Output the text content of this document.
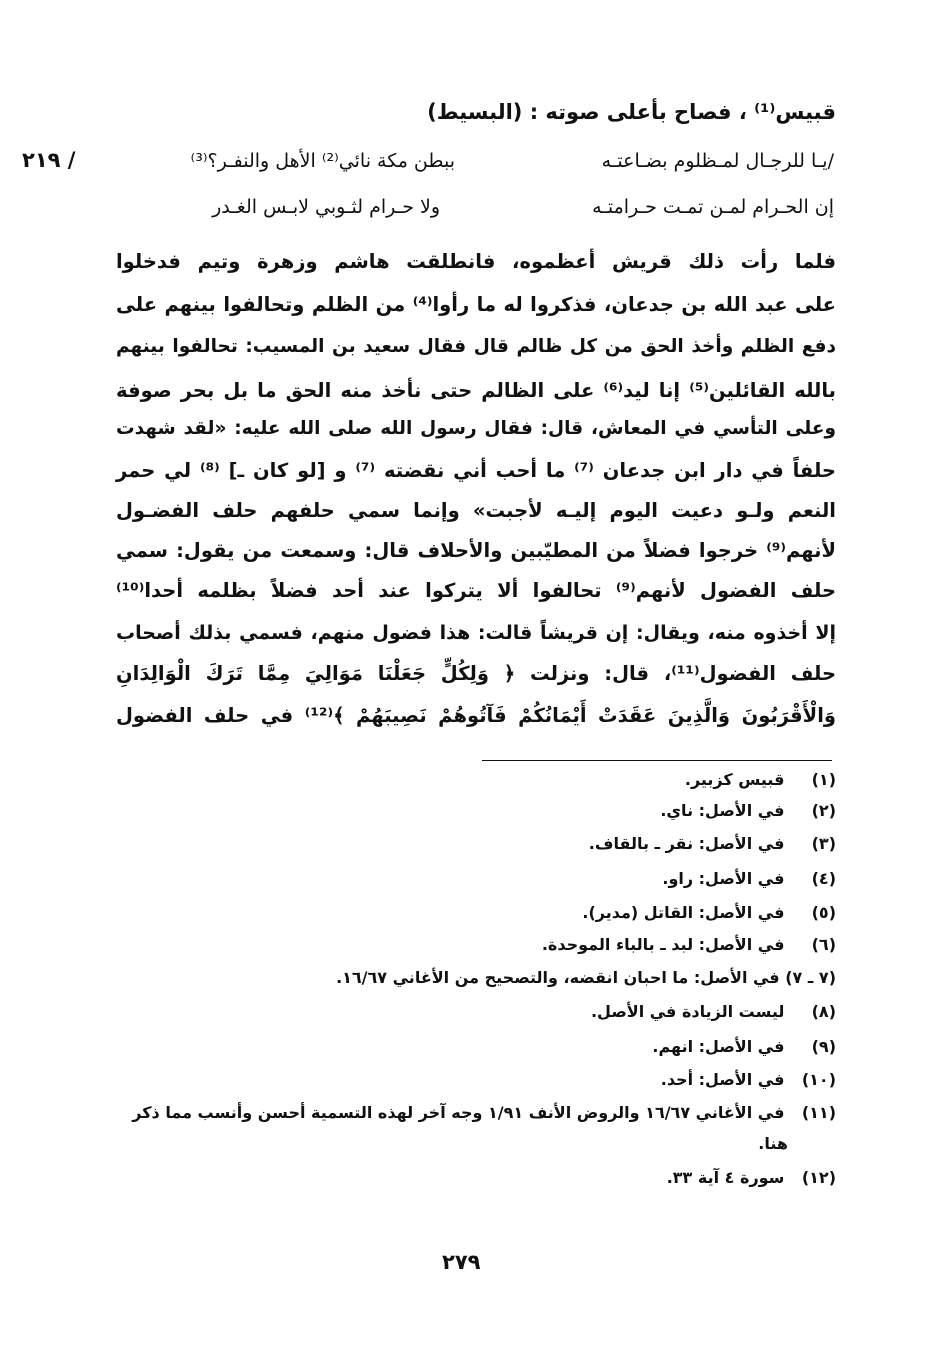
قبيس⁽¹⁾ ، فصاح بأعلى صوته : (البسيط)
/ ٢١٩	/يـا للرجـال لمـظلوم بضـاعتـه
ببطن مكة نائي⁽²⁾ الأهل والنفـر؟⁽³⁾
إن الحـرام لمـن تمـت حـرامتـه
ولا حـرام لثـوبي لابـس الغـدر
فلما رأت ذلك قريش أعظموه، فانطلقت هاشم وزهرة وتيم فدخلوا
على عبد الله بن جدعان، فذكروا له ما رأوا⁽⁴⁾ من الظلم وتحالفوا بينهم على
دفع الظلم وأخذ الحق من كل ظالم قال فقال سعيد بن المسيب: تحالفوا بينهم
بالله القائلين⁽⁵⁾ إنا ليد⁽⁶⁾ على الظالم حتى نأخذ منه الحق ما بل بحر صوفة
وعلى التأسي في المعاش، قال: فقال رسول الله صلى الله عليه: «لقد شهدت
حلفاً في دار ابن جدعان ⁽⁷⁾ ما أحب أني نقضته ⁽⁷⁾ و [لو كان ـ] ⁽⁸⁾ لي حمر
النعم ولـو دعيت اليوم إليـه لأجبت» وإنما سمي حلفهم حلف الفضـول
لأنهم⁽⁹⁾ خرجوا فضلاً من المطيّبين والأحلاف قال: وسمعت من يقول: سمي
حلف الفضول لأنهم⁽⁹⁾ تحالفوا ألا يتركوا عند أحد فضلاً بظلمه أحدا⁽¹⁰⁾
إلا أخذوه منه، ويقال: إن قريشاً قالت: هذا فضول منهم، فسمي بذلك أصحاب
حلف الفضول⁽¹¹⁾، قال: ونزلت ﴿ وَلِكُلٍّ جَعَلْنَا مَوَالِيَ مِمَّا تَرَكَ الْوَالِدَانِ
وَالْأَقْرَبُونَ وَالَّذِينَ عَقَدَتْ أَيْمَانُكُمْ فَآتُوهُمْ نَصِيبَهُمْ ﴾⁽¹²⁾ في حلف الفضول
(١) قبيس كزبير.
(٢) في الأصل: ناي.
(٣) في الأصل: نقر ـ بالقاف.
(٤) في الأصل: راو.
(٥) في الأصل: القاتل (مدير).
(٦) في الأصل: لبد ـ بالباء الموحدة.
(٧ ـ ٧) في الأصل: ما احبان انقضه، والتصحيح من الأغاني ١٦/٦٧.
(٨) ليست الزيادة في الأصل.
(٩) في الأصل: انهم.
(١٠) في الأصل: أحد.
(١١) في الأغاني ١٦/٦٧ والروض الأنف ١/٩١ وجه آخر لهذه التسمية أحسن وأنسب مما ذكر
هنا.
(١٢) سورة ٤ آية ٣٣.
٢٧٩
